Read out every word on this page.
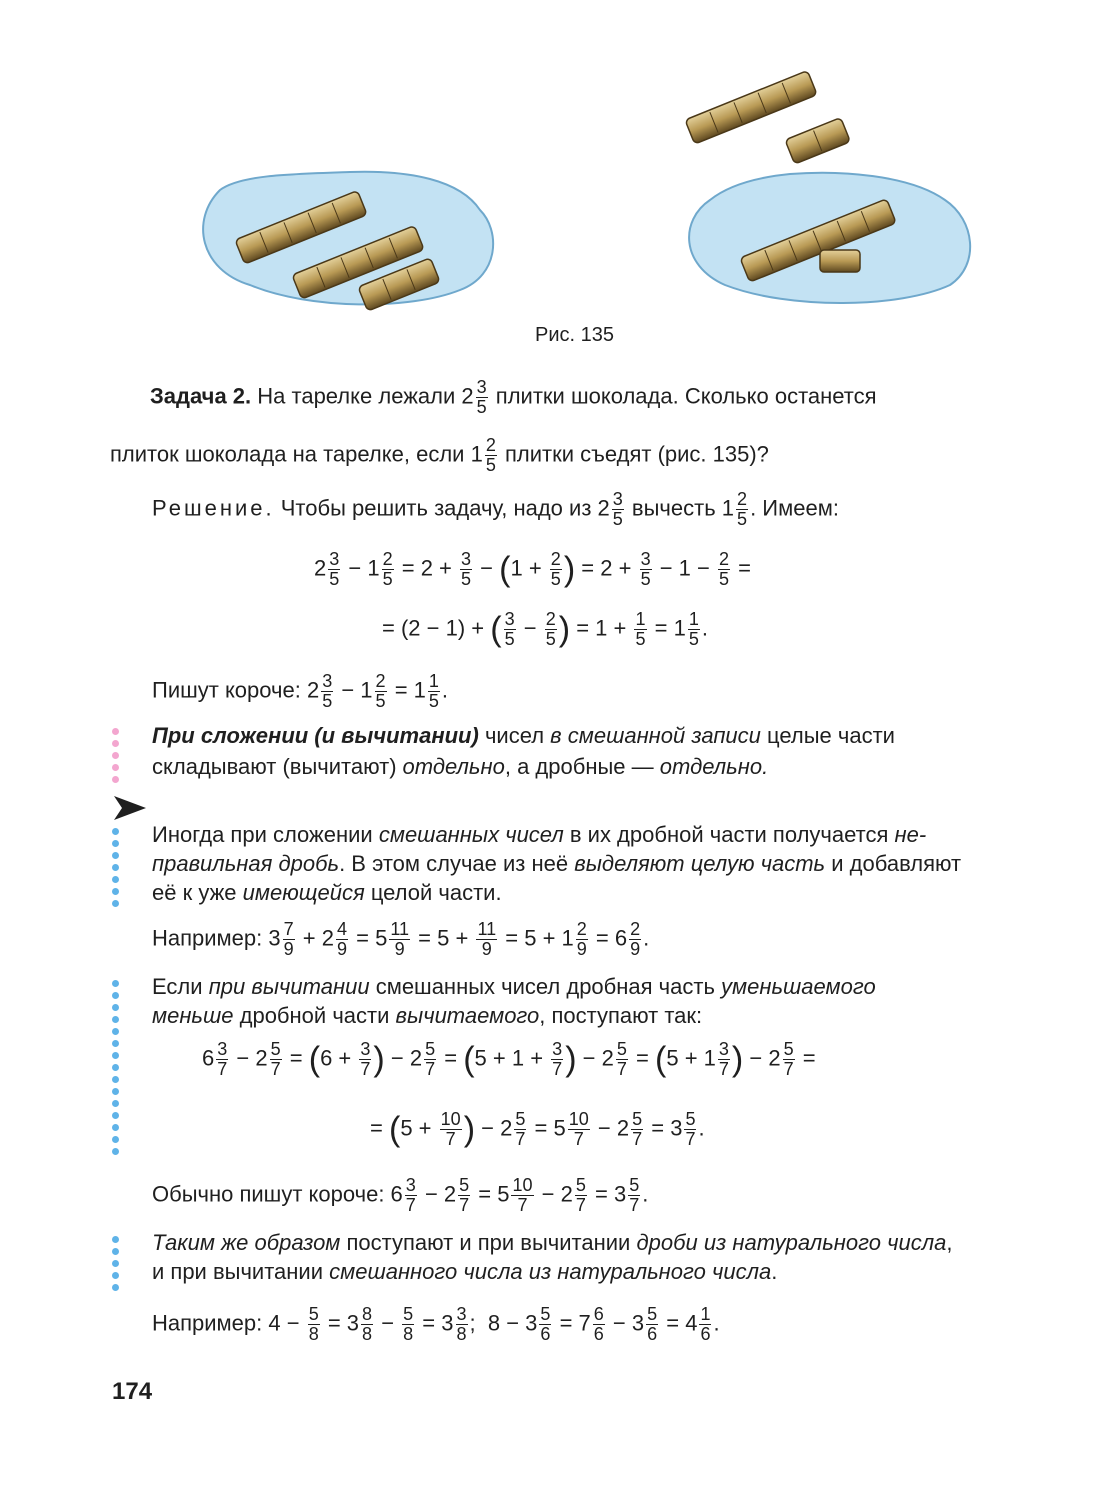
Рис. 135
Задача 2. На тарелке лежали $2 \frac{3}{5}$ плитки шоколада. Сколько останется
плиток шоколада на тарелке, если $1 \frac{2}{5}$ плитки съедят (рис. 135)?
Решение. Чтобы решить задачу, надо из $2 \frac{3}{5}$ вычесть $1 \frac{2}{5}$ . Имеем:
$2 \frac{3}{5} - 1 \frac{2}{5} = 2 + \frac{3}{5} - (1 + \frac{2}{5}$ ) = $2 + \frac{3}{5} - 1 - \frac{2}{5}$ =
= (2 − 1) + ( $\frac{3}{5} - \frac{2}{5}$ ) = $1 + \frac{1}{5} = 1 \frac{1}{5}$ .
Пишут короче: $2 \frac{3}{5} - 1 \frac{2}{5} = 1 \frac{1}{5}$ .
При сложении (и вычитании) чисел в смешанной записи целые части
складывают (вычитают) отдельно, а дробные — отдельно.
Иногда при сложении смешанных чисел в их дробной части получается не-
правильная дробь. В этом случае из неё выделяют целую часть и добавляют
её к уже имеющейся целой части.
Например: $3 \frac{7}{9} + 2 \frac{4}{9} = 5 \frac{11}{9} = 5 + \frac{11}{9} = 5 + 1 \frac{2}{9} = 6 \frac{2}{9}$ .
Если при вычитании смешанных чисел дробная часть уменьшаемого
меньше дробной части вычитаемого, поступают так:
$6 \frac{3}{7} - 2 \frac{5}{7} = (6 + \frac{3}{7}$ ) − $2 \frac{5}{7} = (5 + 1 + \frac{3}{7}$ ) − $2 \frac{5}{7} = (5 + 1 \frac{3}{7}$ ) − $2 \frac{5}{7}$ =
= ($5 + \frac{10}{7}$ ) − $2 \frac{5}{7} = 5 \frac{10}{7} - 2 \frac{5}{7} = 3 \frac{5}{7}$ .
Обычно пишут короче: $6 \frac{3}{7} - 2 \frac{5}{7} = 5 \frac{10}{7} - 2 \frac{5}{7} = 3 \frac{5}{7}$ .
Таким же образом поступают и при вычитании дроби из натурального числа,
и при вычитании смешанного числа из натурального числа.
Например: $4 - \frac{5}{8} = 3 \frac{8}{8} - \frac{5}{8} = 3 \frac{3}{8}$ ;  $8 - 3 \frac{5}{6} = 7 \frac{6}{6} - 3 \frac{5}{6} = 4 \frac{1}{6}$ .
174
